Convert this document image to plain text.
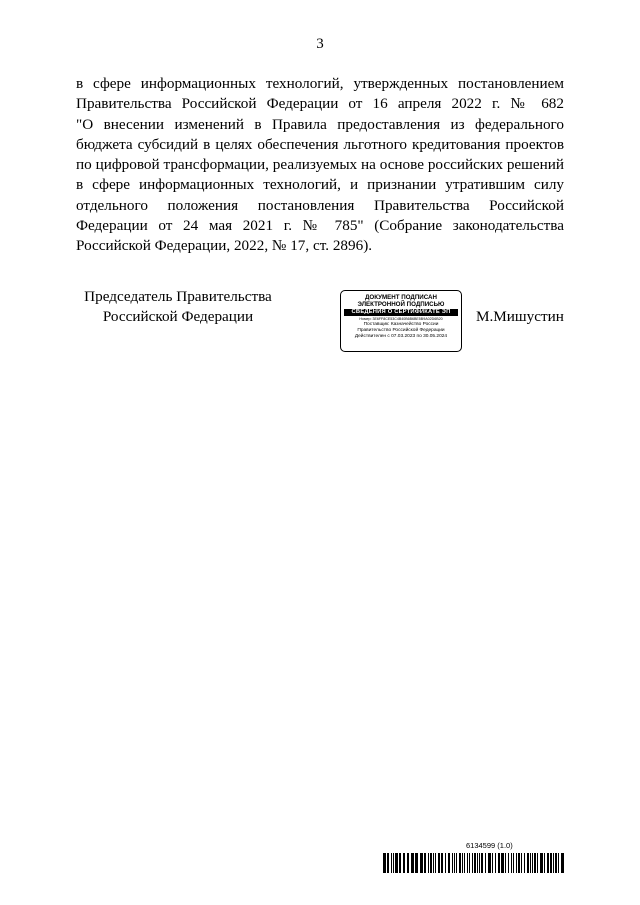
3
в сфере информационных технологий, утвержденных постановлением
Правительства Российской Федерации от 16 апреля 2022 г. № 682
"О внесении изменений в Правила предоставления из федерального
бюджета субсидий в целях обеспечения льготного кредитования проектов
по цифровой трансформации, реализуемых на основе российских решений
в сфере информационных технологий, и признании утратившим силу
отдельного положения постановления Правительства Российской
Федерации от 24 мая 2021 г. № 785" (Собрание законодательства
Российской Федерации, 2022, № 17, ст. 2896).
Председатель Правительства
Российской Федерации
ДОКУМЕНТ ПОДПИСАН
ЭЛЕКТРОННОЙ ПОДПИСЬЮ
СВЕДЕНИЯ О СЕРТИФИКАТЕ ЭП
Номер: 3E6FF8CE53C4B40B6B6BE5B9A02D6B20
Поставщик: Казначейство России
Правительство Российской Федерации
Действителен с 07.03.2023 по 30.05.2024
М.Мишустин
6134599 (1.0)
